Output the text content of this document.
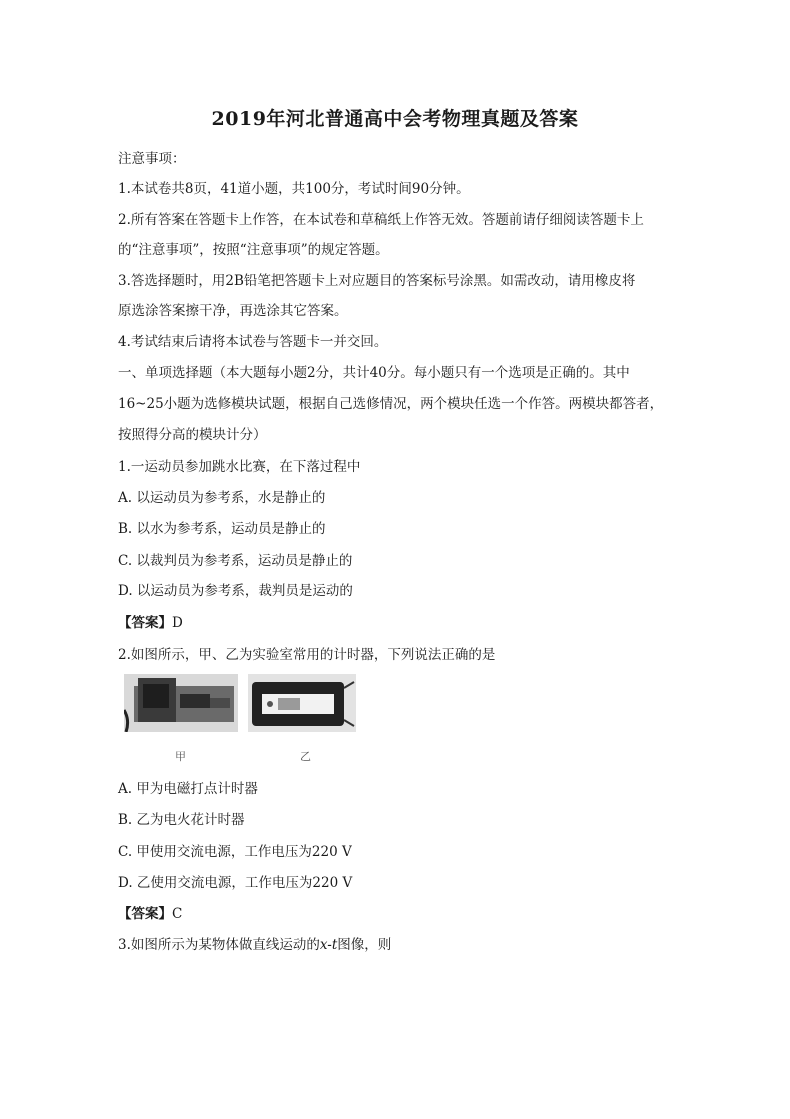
2019年河北普通高中会考物理真题及答案
注意事项：
1.本试卷共8页，41道小题，共100分，考试时间90分钟。
2.所有答案在答题卡上作答，在本试卷和草稿纸上作答无效。答题前请仔细阅读答题卡上
的“注意事项”，按照“注意事项”的规定答题。
3.答选择题时，用2B铅笔把答题卡上对应题目的答案标号涂黑。如需改动，请用橡皮将
原选涂答案擦干净，再选涂其它答案。
4.考试结束后请将本试卷与答题卡一并交回。
一、单项选择题（本大题每小题2分，共计40分。每小题只有一个选项是正确的。其中
16~25小题为选修模块试题，根据自己选修情况，两个模块任选一个作答。两模块都答者，
按照得分高的模块计分）
1.一运动员参加跳水比赛，在下落过程中
A. 以运动员为参考系，水是静止的
B. 以水为参考系，运动员是静止的
C. 以裁判员为参考系，运动员是静止的
D. 以运动员为参考系，裁判员是运动的
【答案】D
2.如图所示，甲、乙为实验室常用的计时器，下列说法正确的是
甲	乙
A. 甲为电磁打点计时器
B. 乙为电火花计时器
C. 甲使用交流电源，工作电压为220 V
D. 乙使用交流电源，工作电压为220 V
【答案】C
3.如图所示为某物体做直线运动的x-t图像，则
